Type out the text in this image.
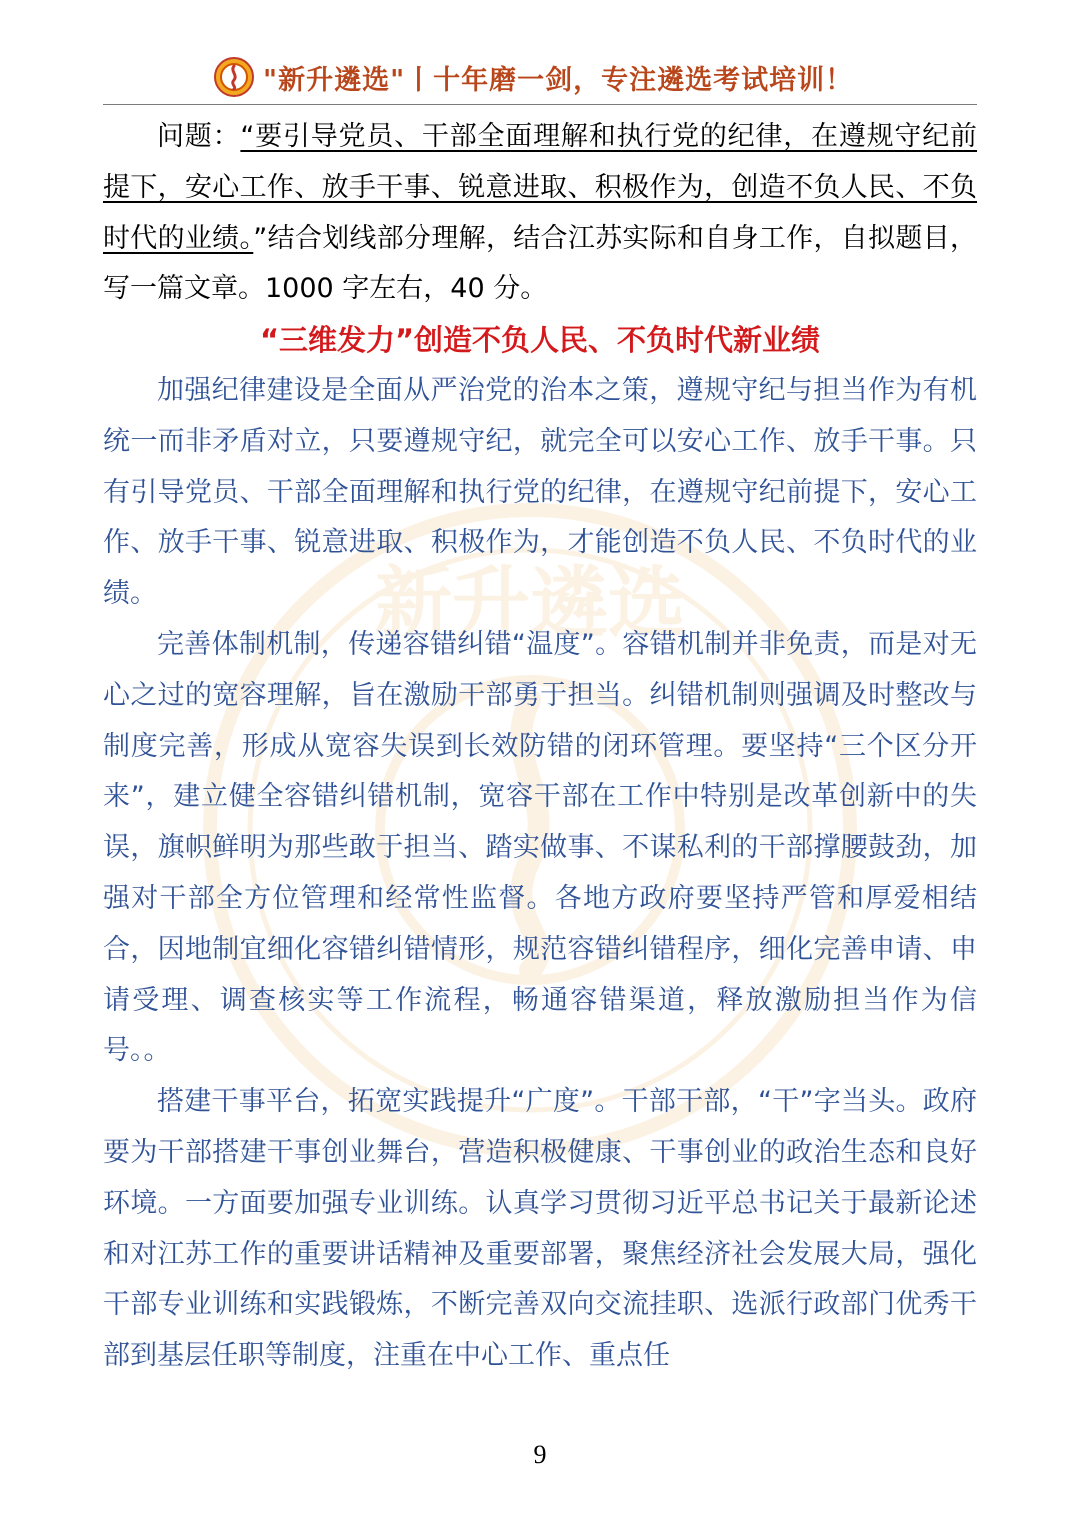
新升遴选
"新升遴选"丨十年磨一剑，专注遴选考试培训！
问题：“要引导党员、干部全面理解和执行党的纪律，在遵规守纪前提下，安心工作、放手干事、锐意进取、积极作为，创造不负人民、不负时代的业绩。”结合划线部分理解，结合江苏实际和自身工作，自拟题目，写一篇文章。1000 字左右，40 分。
“三维发力”创造不负人民、不负时代新业绩
加强纪律建设是全面从严治党的治本之策，遵规守纪与担当作为有机统一而非矛盾对立，只要遵规守纪，就完全可以安心工作、放手干事。只有引导党员、干部全面理解和执行党的纪律，在遵规守纪前提下，安心工作、放手干事、锐意进取、积极作为，才能创造不负人民、不负时代的业绩。
完善体制机制，传递容错纠错“温度”。容错机制并非免责，而是对无心之过的宽容理解，旨在激励干部勇于担当。纠错机制则强调及时整改与制度完善，形成从宽容失误到长效防错的闭环管理。要坚持“三个区分开来”，建立健全容错纠错机制，宽容干部在工作中特别是改革创新中的失误，旗帜鲜明为那些敢于担当、踏实做事、不谋私利的干部撑腰鼓劲，加强对干部全方位管理和经常性监督。各地方政府要坚持严管和厚爱相结合，因地制宜细化容错纠错情形，规范容错纠错程序，细化完善申请、申请受理、调查核实等工作流程，畅通容错渠道，释放激励担当作为信号。。
搭建干事平台，拓宽实践提升“广度”。干部干部，“干”字当头。政府要为干部搭建干事创业舞台，营造积极健康、干事创业的政治生态和良好环境。一方面要加强专业训练。认真学习贯彻习近平总书记关于最新论述和对江苏工作的重要讲话精神及重要部署，聚焦经济社会发展大局，强化干部专业训练和实践锻炼，不断完善双向交流挂职、选派行政部门优秀干部到基层任职等制度，注重在中心工作、重点任
9
